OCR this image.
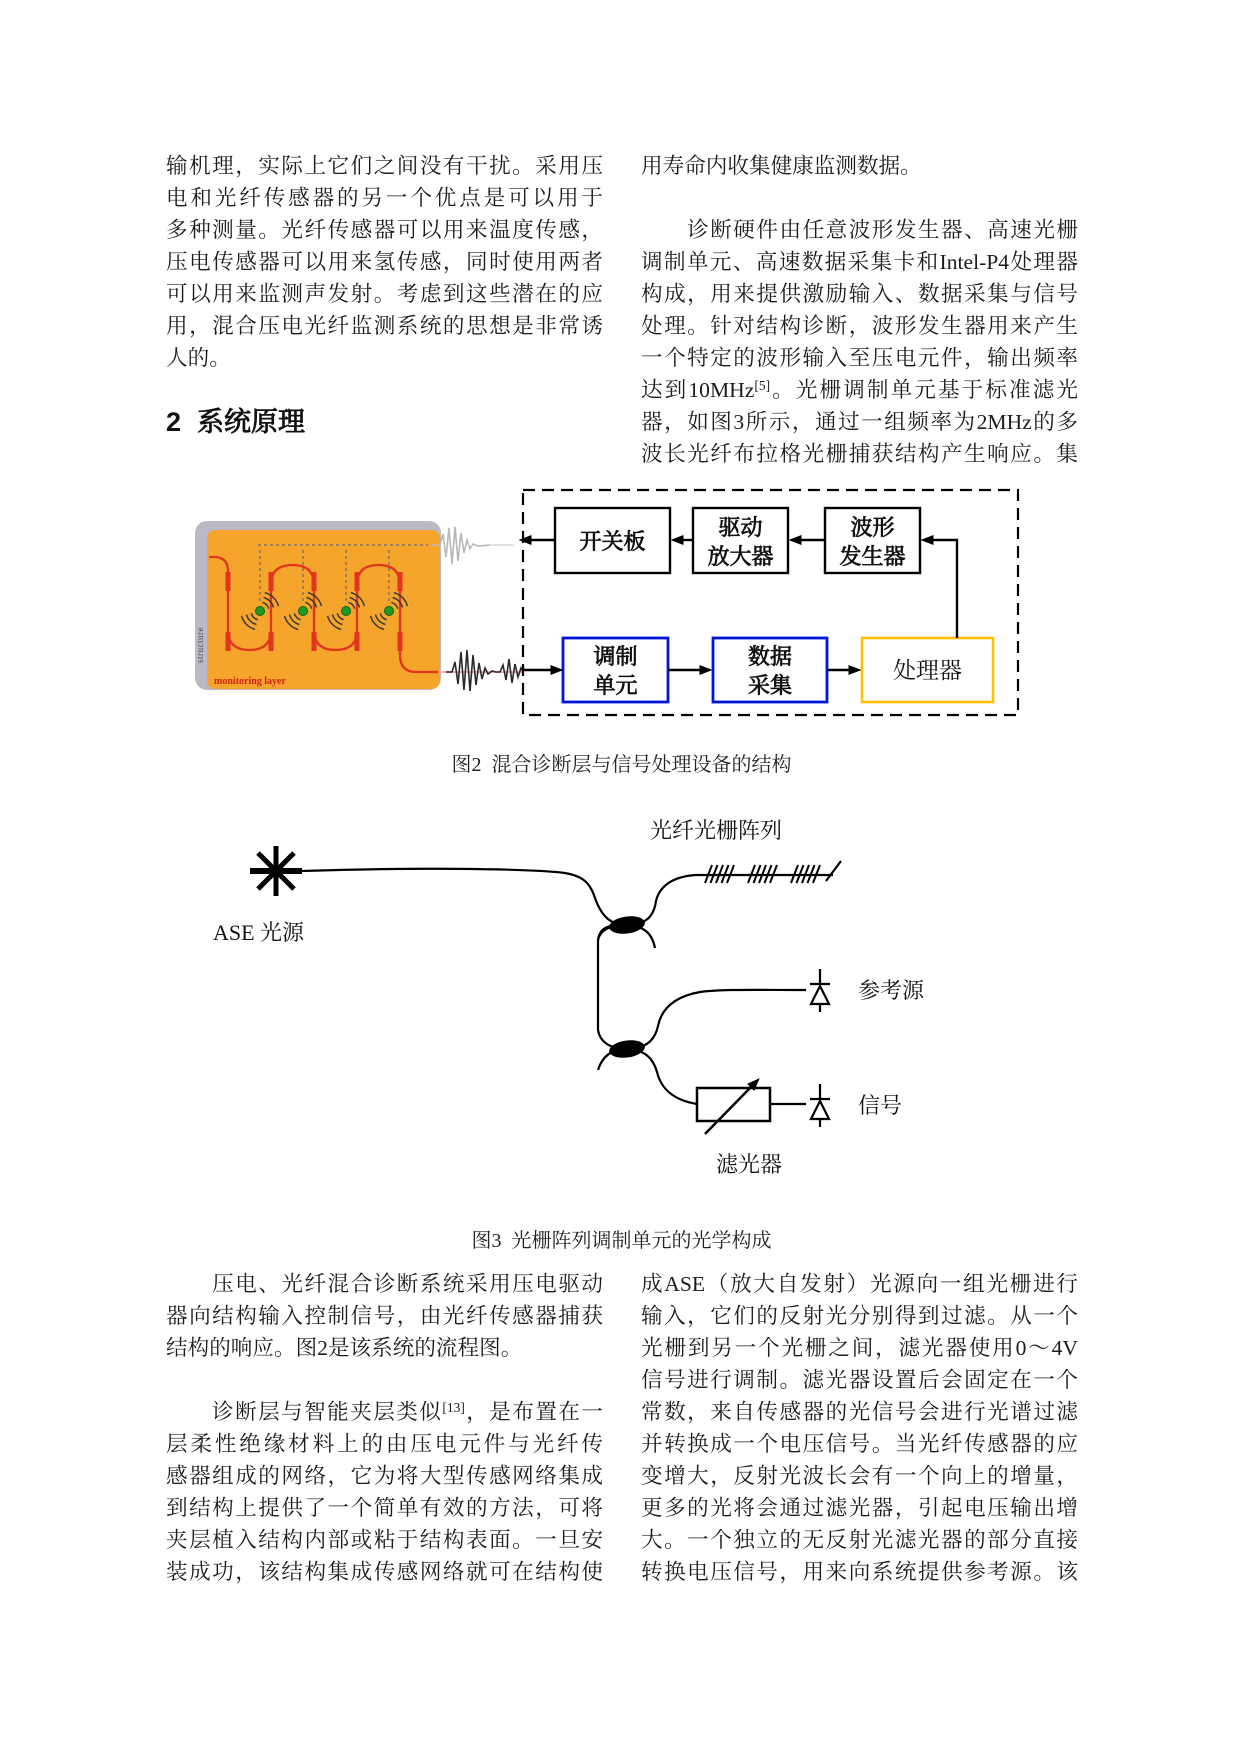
输机理，实际上它们之间没有干扰。采用压
电和光纤传感器的另一个优点是可以用于
多种测量。光纤传感器可以用来温度传感，
压电传感器可以用来氢传感，同时使用两者
可以用来监测声发射。考虑到这些潜在的应
用，混合压电光纤监测系统的思想是非常诱
人的。
2 系统原理
用寿命内收集健康监测数据。
　　诊断硬件由任意波形发生器、高速光栅
调制单元、高速数据采集卡和Intel-P4处理器
构成，用来提供激励输入、数据采集与信号
处理。针对结构诊断，波形发生器用来产生
一个特定的波形输入至压电元件，输出频率
达到10MHz[5]。光栅调制单元基于标准滤光
器，如图3所示，通过一组频率为2MHz的多
波长光纤布拉格光栅捕获结构产生响应。集
structure
monitoring layer
开关板
驱动
放大器
波形
发生器
调制
单元
数据
采集
处理器
图2  混合诊断层与信号处理设备的结构
光纤光栅阵列
ASE 光源
参考源
信号
滤光器
图3  光栅阵列调制单元的光学构成
　　压电、光纤混合诊断系统采用压电驱动
器向结构输入控制信号，由光纤传感器捕获
结构的响应。图2是该系统的流程图。
　　诊断层与智能夹层类似[13]，是布置在一
层柔性绝缘材料上的由压电元件与光纤传
感器组成的网络，它为将大型传感网络集成
到结构上提供了一个简单有效的方法，可将
夹层植入结构内部或粘于结构表面。一旦安
装成功，该结构集成传感网络就可在结构使
成ASE（放大自发射）光源向一组光栅进行
输入，它们的反射光分别得到过滤。从一个
光栅到另一个光栅之间，滤光器使用0～4V
信号进行调制。滤光器设置后会固定在一个
常数，来自传感器的光信号会进行光谱过滤
并转换成一个电压信号。当光纤传感器的应
变增大，反射光波长会有一个向上的增量，
更多的光将会通过滤光器，引起电压输出增
大。一个独立的无反射光滤光器的部分直接
转换电压信号，用来向系统提供参考源。该
